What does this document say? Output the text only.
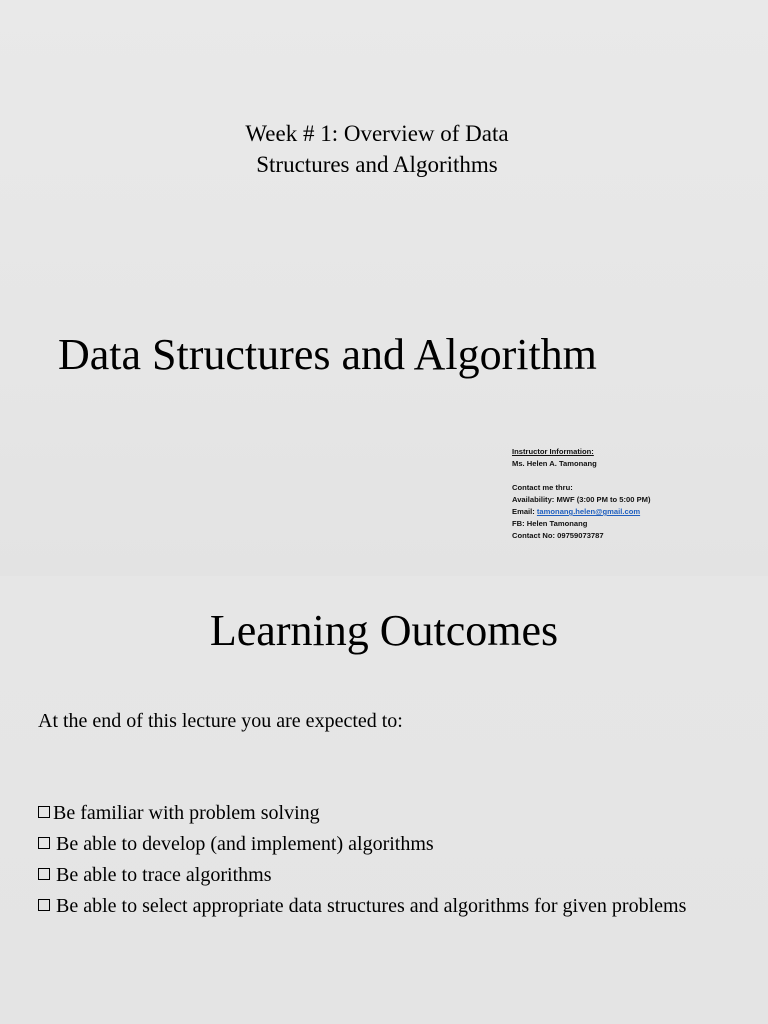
Week # 1: Overview of Data
Structures and Algorithms
Data Structures and Algorithm
Instructor Information:
Ms. Helen A. Tamonang
Contact me thru:
Availability: MWF (3:00 PM to 5:00 PM)
Email: tamonang.helen@gmail.com
FB: Helen Tamonang
Contact No: 09759073787
Learning Outcomes
At the end of this lecture you are expected to:
Be familiar with problem solving
Be able to develop (and implement) algorithms
Be able to trace algorithms
Be able to select appropriate data structures and algorithms for given problems
